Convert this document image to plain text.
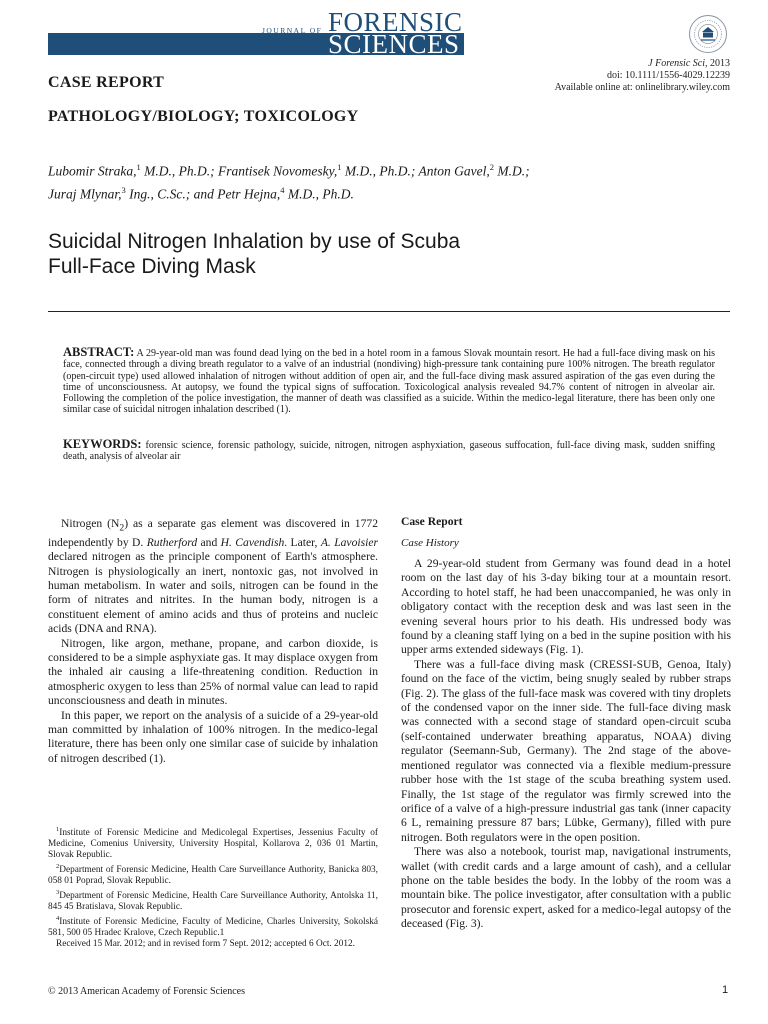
JOURNAL OF FORENSIC
SCIENCES
J Forensic Sci, 2013
doi: 10.1111/1556-4029.12239
Available online at: onlinelibrary.wiley.com
CASE REPORT
PATHOLOGY/BIOLOGY; TOXICOLOGY
Lubomir Straka,$^1$ M.D., Ph.D.; Frantisek Novomesky,$^1$ M.D., Ph.D.; Anton Gavel,$^2$ M.D.;
Juraj Mlynar,$^3$ Ing., C.Sc.; and Petr Hejna,$^4$ M.D., Ph.D.
Suicidal Nitrogen Inhalation by use of Scuba
Full-Face Diving Mask
ABSTRACT: A 29-year-old man was found dead lying on the bed in a hotel room in a famous Slovak mountain resort. He had a full-face diving mask on his face, connected through a diving breath regulator to a valve of an industrial (nondiving) high-pressure tank containing pure 100% nitrogen. The breath regulator (open-circuit type) used allowed inhalation of nitrogen without addition of open air, and the full-face diving mask assured aspiration of the gas even during the time of unconsciousness. At autopsy, we found the typical signs of suffocation. Toxicological analysis revealed 94.7% content of nitrogen in alveolar air. Following the completion of the police investigation, the manner of death was classified as a suicide. Within the medico-legal literature, there has been only one similar case of suicidal nitrogen inhalation described (1).
KEYWORDS: forensic science, forensic pathology, suicide, nitrogen, nitrogen asphyxiation, gaseous suffocation, full-face diving mask, sudden sniffing death, analysis of alveolar air

Nitrogen $(N_2)$ as a separate gas element was discovered in 1772 independently by D. Rutherford and H. Cavendish. Later, A. Lavoisier declared nitrogen as the principle component of Earth's atmosphere. Nitrogen is physiologically an inert, nontoxic gas, not involved in human metabolism. In water and soils, nitrogen can be found in the form of nitrates and nitrites. In the human body, nitrogen is a constituent element of amino acids and thus of proteins and nucleic acids (DNA and RNA).

Nitrogen, like argon, methane, propane, and carbon dioxide, is considered to be a simple asphyxiate gas. It may displace oxygen from the inhaled air causing a life-threatening condition. Reduction in atmospheric oxygen to less than 25% of normal value can lead to rapid unconsciousness and death in minutes.

In this paper, we report on the analysis of a suicide of a 29-year-old man committed by inhalation of 100% nitrogen. In the medico-legal literature, there has been only one similar case of suicide by inhalation of nitrogen described (1).

$^1$Institute of Forensic Medicine and Medicolegal Expertises, Jessenius Faculty of Medicine, Comenius University, University Hospital, Kollarova 2, 036 01 Martin, Slovak Republic.

$^2$Department of Forensic Medicine, Health Care Surveillance Authority, Banicka 803, 058 01 Poprad, Slovak Republic.

$^3$Department of Forensic Medicine, Health Care Surveillance Authority, Antolska 11, 845 45 Bratislava, Slovak Republic.

$^4$Institute of Forensic Medicine, Faculty of Medicine, Charles University, Sokolská 581, 500 05 Hradec Kralove, Czech Republic.1

Received 15 Mar. 2012; and in revised form 7 Sept. 2012; accepted 6 Oct. 2012.

Case Report
Case History

A 29-year-old student from Germany was found dead in a hotel room on the last day of his 3-day biking tour at a mountain resort. According to hotel staff, he had been unaccompanied, he was only in obligatory contact with the reception desk and was last seen in the evening several hours prior to his death. His undressed body was found by a cleaning staff lying on a bed in the supine position with his upper arms extended sideways (Fig. 1).

There was a full-face diving mask (CRESSI-SUB, Genoa, Italy) found on the face of the victim, being snugly sealed by rubber straps (Fig. 2). The glass of the full-face mask was covered with tiny droplets of the condensed vapor on the inner side. The full-face diving mask was connected with a second stage of standard open-circuit scuba (self-contained underwater breathing apparatus, NOAA) diving regulator (Seemann-Sub, Germany). The 2nd stage of the above-mentioned regulator was connected via a flexible medium-pressure rubber hose with the 1st stage of the scuba breathing system used. Finally, the 1st stage of the regulator was firmly screwed into the orifice of a valve of a high-pressure industrial gas tank (inner capacity 6 L, remaining pressure 87 bars; Lübke, Germany), filled with pure nitrogen. Both regulators were in the open position.

There was also a notebook, tourist map, navigational instruments, wallet (with credit cards and a large amount of cash), and a cellular phone on the table besides the body. In the lobby of the room was a mountain bike. The police investigator, after consultation with a public prosecutor and forensic expert, asked for a medico-legal autopsy of the deceased (Fig. 3).

© 2013 American Academy of Forensic Sciences	1
